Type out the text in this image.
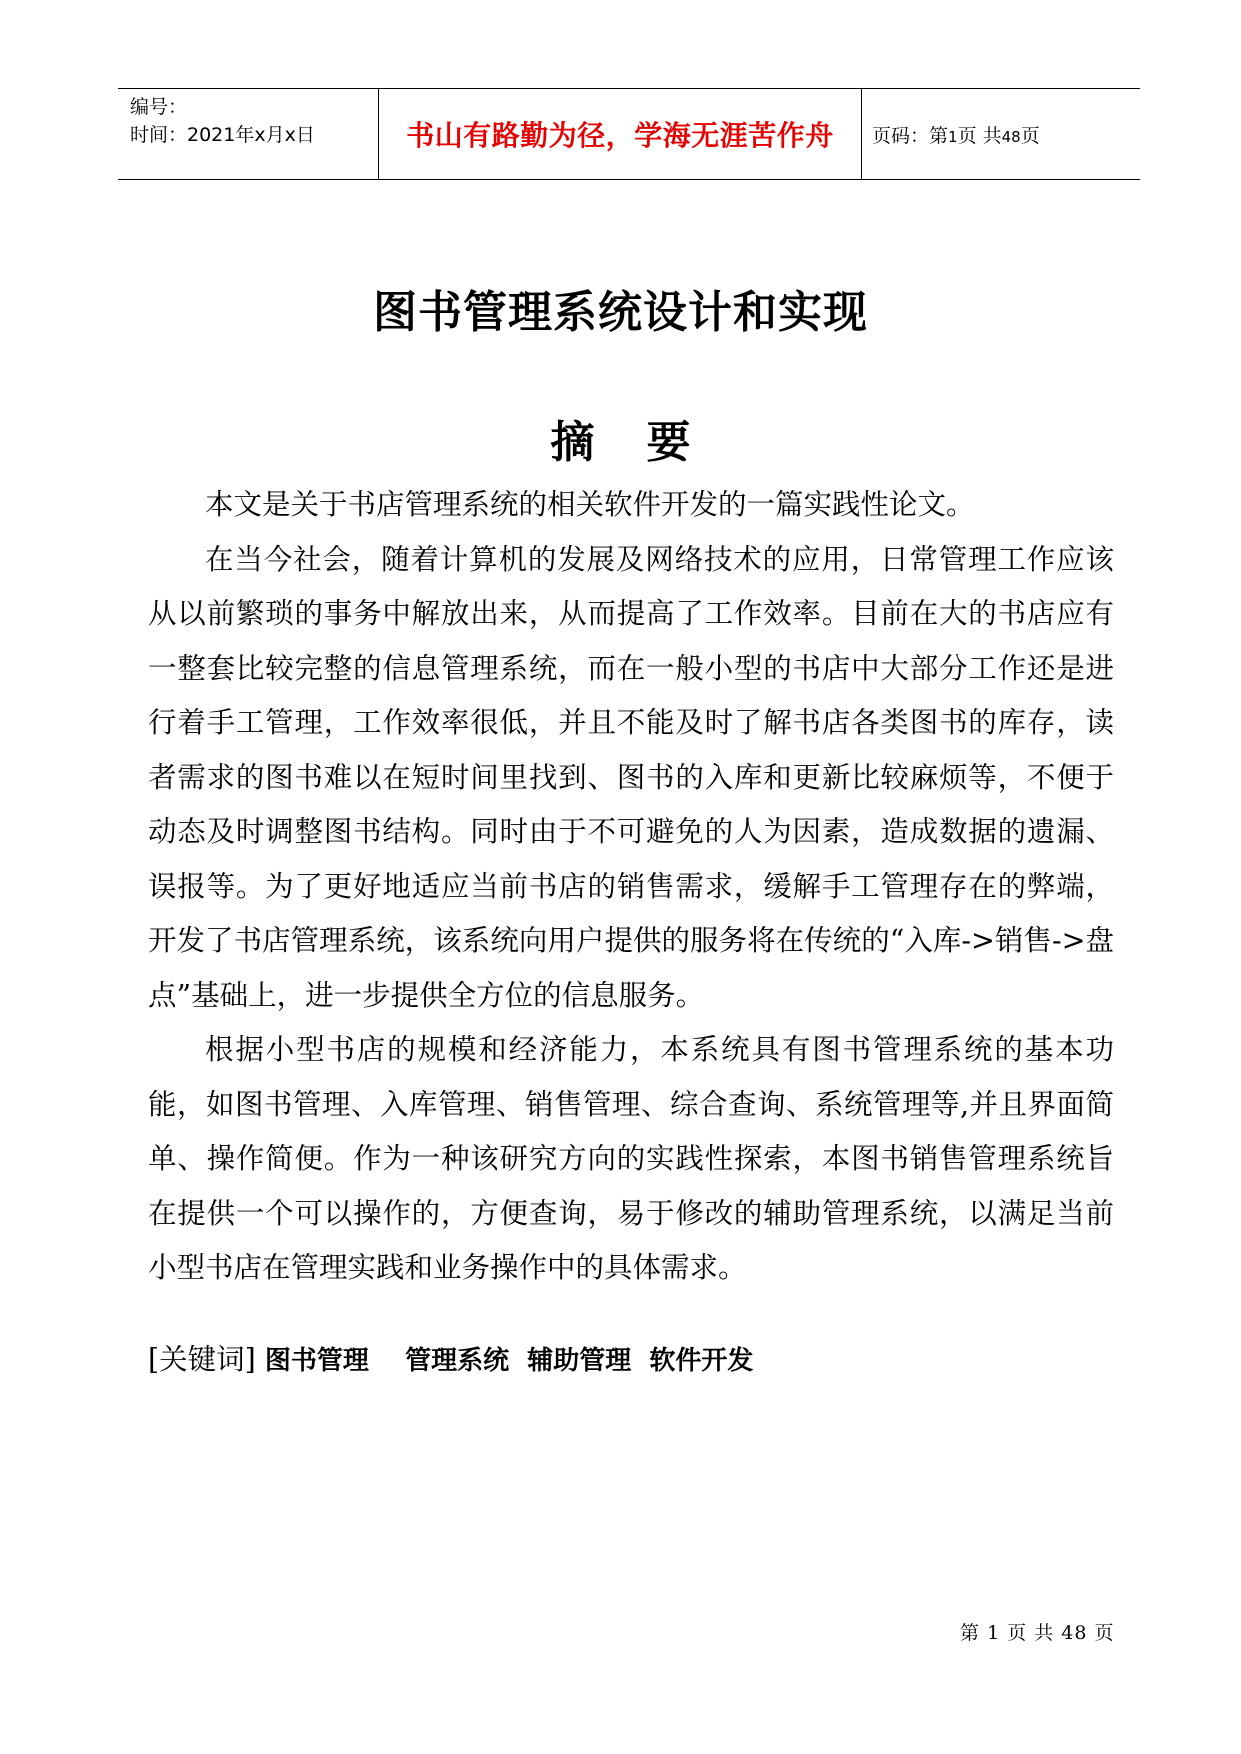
编号：
时间：2021年x月x日	书山有路勤为径，学海无涯苦作舟 页码：第1页 共48页
图书管理系统设计和实现
摘 要

本文是关于书店管理系统的相关软件开发的一篇实践性论文。

在当今社会，随着计算机的发展及网络技术的应用，日常管理工作应该从以前繁琐的事务中解放出来，从而提高了工作效率。目前在大的书店应有一整套比较完整的信息管理系统，而在一般小型的书店中大部分工作还是进行着手工管理，工作效率很低，并且不能及时了解书店各类图书的库存，读者需求的图书难以在短时间里找到、图书的入库和更新比较麻烦等，不便于动态及时调整图书结构。同时由于不可避免的人为因素，造成数据的遗漏、误报等。为了更好地适应当前书店的销售需求，缓解手工管理存在的弊端，开发了书店管理系统，该系统向用户提供的服务将在传统的“入库->销售->盘点”基础上，进一步提供全方位的信息服务。

根据小型书店的规模和经济能力，本系统具有图书管理系统的基本功能，如图书管理、入库管理、销售管理、综合查询、系统管理等,并且界面简单、操作简便。作为一种该研究方向的实践性探索，本图书销售管理系统旨在提供一个可以操作的，方便查询，易于修改的辅助管理系统，以满足当前小型书店在管理实践和业务操作中的具体需求。

[关键词] 图书管理 管理系统 辅助管理 软件开发
第 1 页 共 48 页
